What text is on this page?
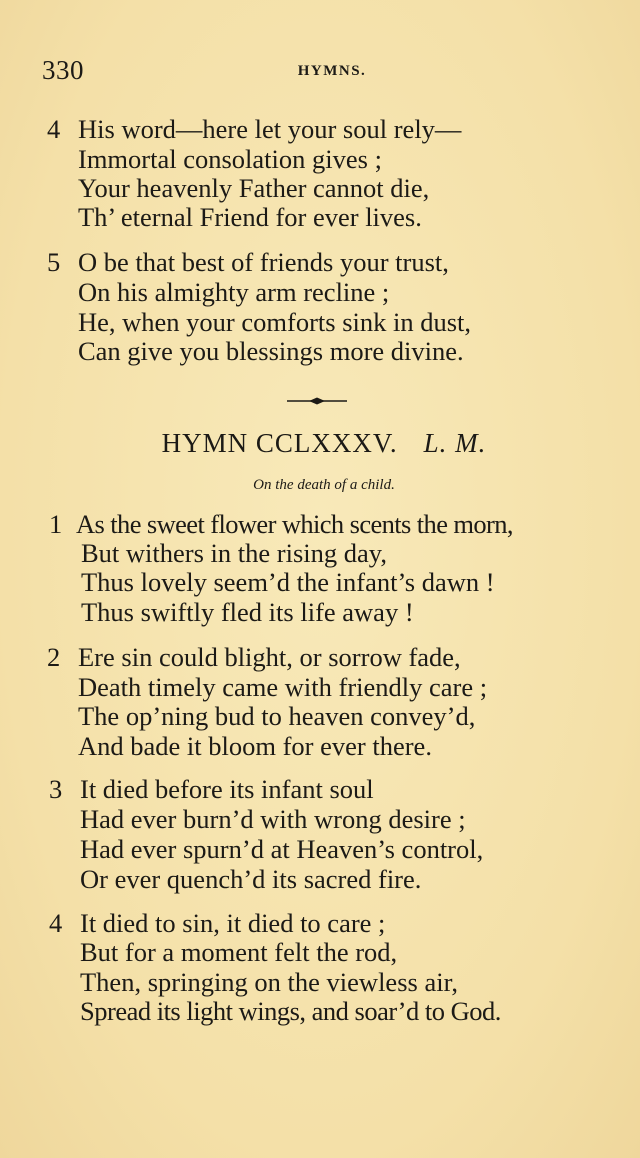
330	HYMNS.
4 His word—here let your soul rely—
Immortal consolation gives ;
Your heavenly Father cannot die,
Th’ eternal Friend for ever lives.
5 O be that best of friends your trust,
On his almighty arm recline ;
He, when your comforts sink in dust,
Can give you blessings more divine.
HYMN CCLXXXV. L. M.
On the death of a child.
1 As the sweet flower which scents the morn,
But withers in the rising day,
Thus lovely seem’d the infant’s dawn !
Thus swiftly fled its life away !
2 Ere sin could blight, or sorrow fade,
Death timely came with friendly care ;
The op’ning bud to heaven convey’d,
And bade it bloom for ever there.
3 It died before its infant soul
Had ever burn’d with wrong desire ;
Had ever spurn’d at Heaven’s control,
Or ever quench’d its sacred fire.
4 It died to sin, it died to care ;
But for a moment felt the rod,
Then, springing on the viewless air,
Spread its light wings, and soar’d to God.
